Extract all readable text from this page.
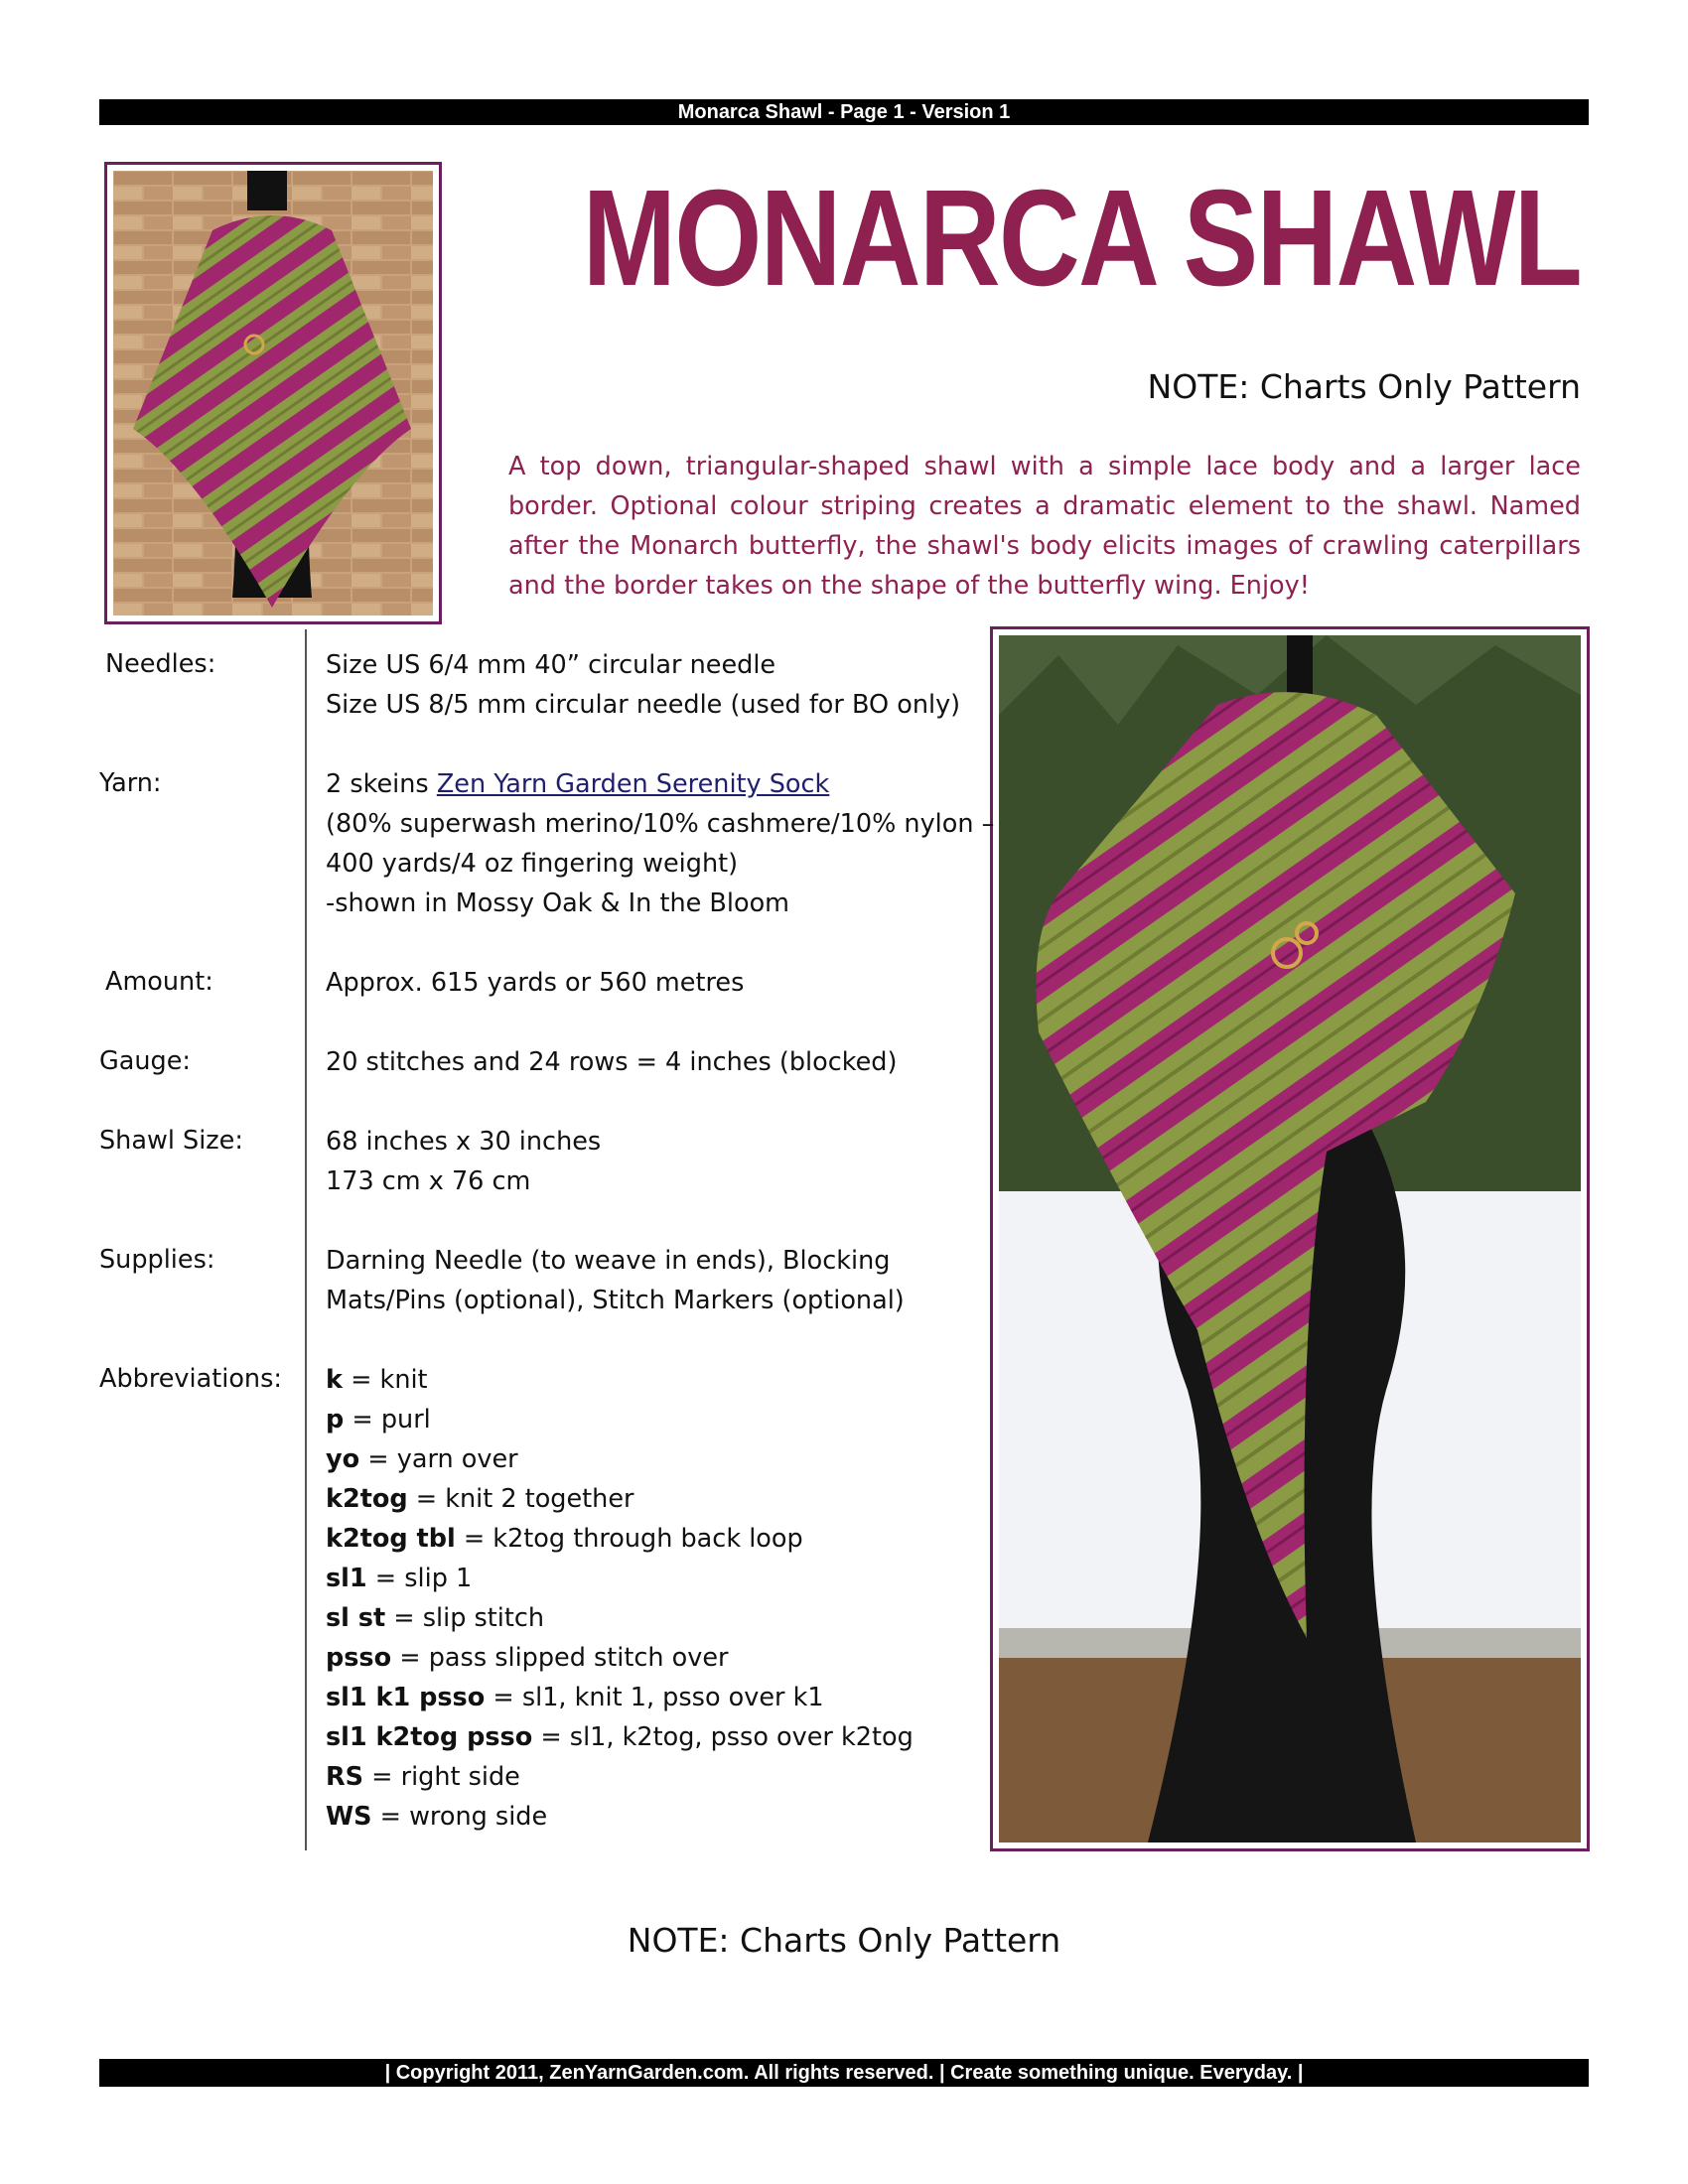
Monarca Shawl - Page 1 - Version 1
MONARCA SHAWL
NOTE: Charts Only Pattern
A top down, triangular-shaped shawl with a simple lace body and a larger lace border. Optional colour striping creates a dramatic element to the shawl. Named after the Monarch butterfly, the shawl's body elicits images of crawling caterpillars and the border takes on the shape of the butterfly wing. Enjoy!
Needles:	Size US 6/4 mm 40” circular needle
Size US 8/5 mm circular needle (used for BO only)
Yarn:	2 skeins Zen Yarn Garden Serenity Sock
(80% superwash merino/10% cashmere/10% nylon –
400 yards/4 oz fingering weight)
-shown in Mossy Oak & In the Bloom
Amount:	Approx. 615 yards or 560 metres
Gauge:	20 stitches and 24 rows = 4 inches (blocked)
Shawl Size:	68 inches x 30 inches
173 cm x 76 cm
Supplies:	Darning Needle (to weave in ends), Blocking
Mats/Pins (optional), Stitch Markers (optional)
Abbreviations: k = knit
p = purl
yo = yarn over
k2tog = knit 2 together
k2tog tbl = k2tog through back loop
sl1 = slip 1
sl st = slip stitch
psso = pass slipped stitch over
sl1 k1 psso = sl1, knit 1, psso over k1
sl1 k2tog psso = sl1, k2tog, psso over k2tog
RS = right side
WS = wrong side
NOTE: Charts Only Pattern
| Copyright 2011, ZenYarnGarden.com. All rights reserved. | Create something unique. Everyday. |
